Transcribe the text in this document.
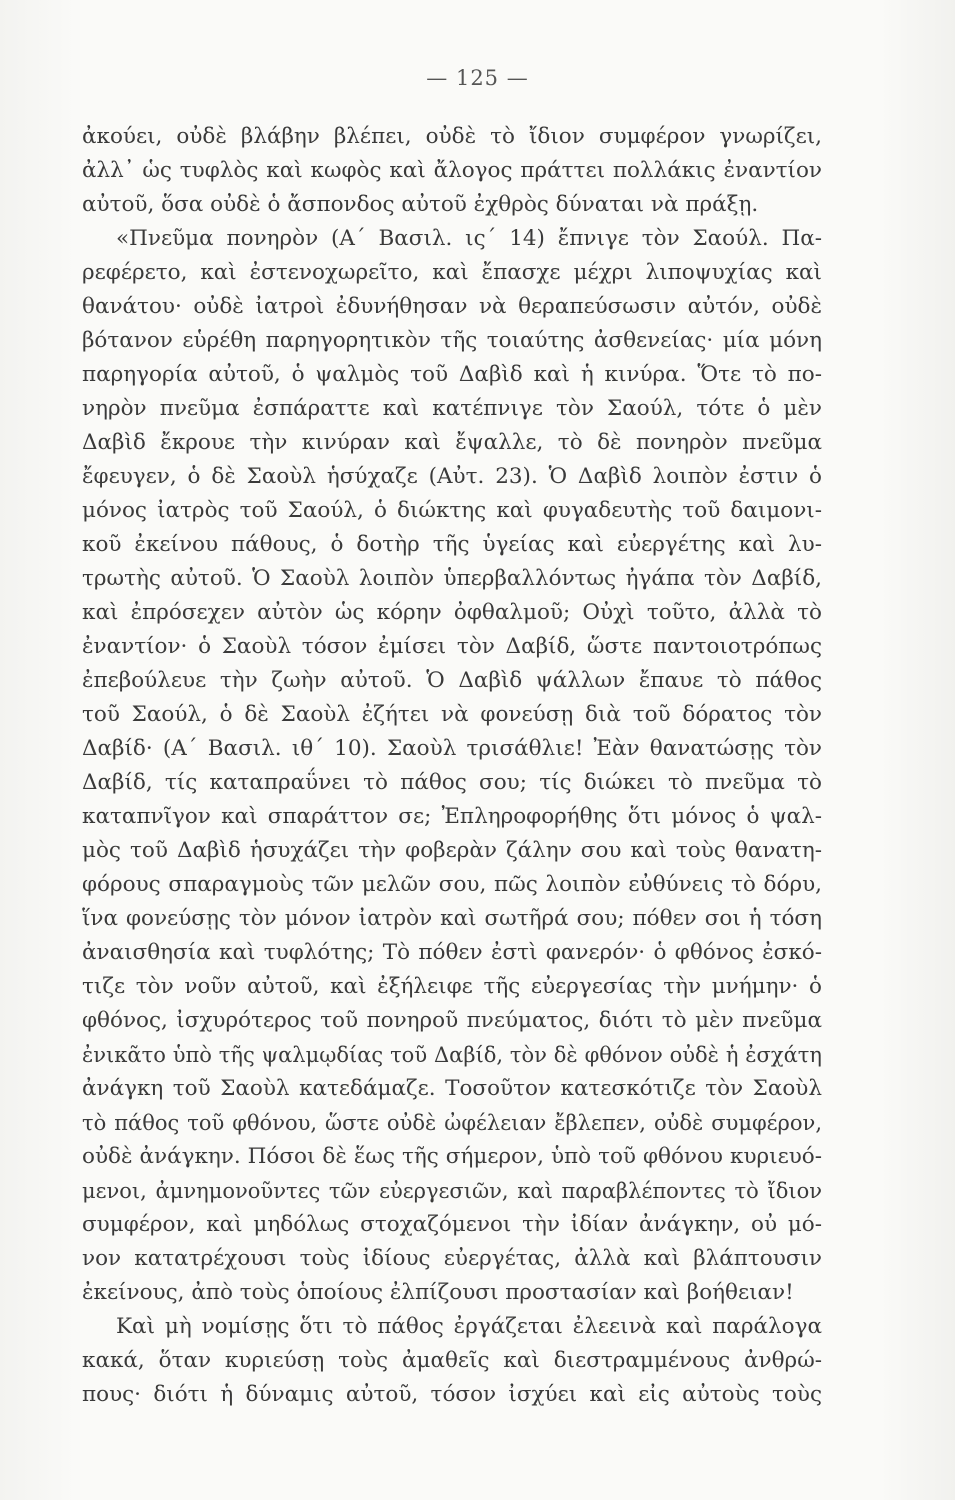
— 125 —
ἀκούει, οὐδὲ βλάβην βλέπει, οὐδὲ τὸ ἴδιον συμφέρον γνωρίζει,
ἀλλ᾽ ὡς τυφλὸς καὶ κωφὸς καὶ ἄλογος πράττει πολλάκις ἐναντίον
αὐτοῦ, ὅσα οὐδὲ ὁ ἄσπονδος αὐτοῦ ἐχθρὸς δύναται νὰ πράξῃ.
«Πνεῦμα πονηρὸν (Α΄ Βασιλ. ις΄ 14) ἔπνιγε τὸν Σαούλ. Πα-
ρεφέρετο, καὶ ἐστενοχωρεῖτο, καὶ ἔπασχε μέχρι λιποψυχίας καὶ
θανάτου· οὐδὲ ἰατροὶ ἐδυνήθησαν νὰ θεραπεύσωσιν αὐτόν, οὐδὲ
βότανον εὑρέθη παρηγορητικὸν τῆς τοιαύτης ἀσθενείας· μία μόνη
παρηγορία αὐτοῦ, ὁ ψαλμὸς τοῦ Δαβὶδ καὶ ἡ κινύρα. Ὅτε τὸ πο-
νηρὸν πνεῦμα ἐσπάραττε καὶ κατέπνιγε τὸν Σαούλ, τότε ὁ μὲν
Δαβὶδ ἔκρουε τὴν κινύραν καὶ ἔψαλλε, τὸ δὲ πονηρὸν πνεῦμα
ἔφευγεν, ὁ δὲ Σαοὺλ ἡσύχαζε (Αὐτ. 23). Ὁ Δαβὶδ λοιπὸν ἐστιν ὁ
μόνος ἰατρὸς τοῦ Σαούλ, ὁ διώκτης καὶ φυγαδευτὴς τοῦ δαιμονι-
κοῦ ἐκείνου πάθους, ὁ δοτὴρ τῆς ὑγείας καὶ εὐεργέτης καὶ λυ-
τρωτὴς αὐτοῦ. Ὁ Σαοὺλ λοιπὸν ὑπερβαλλόντως ἠγάπα τὸν Δαβίδ,
καὶ ἐπρόσεχεν αὐτὸν ὡς κόρην ὀφθαλμοῦ; Οὐχὶ τοῦτο, ἀλλὰ τὸ
ἐναντίον· ὁ Σαοὺλ τόσον ἐμίσει τὸν Δαβίδ, ὥστε παντοιοτρόπως
ἐπεβούλευε τὴν ζωὴν αὐτοῦ. Ὁ Δαβὶδ ψάλλων ἔπαυε τὸ πάθος
τοῦ Σαούλ, ὁ δὲ Σαοὺλ ἐζήτει νὰ φονεύσῃ διὰ τοῦ δόρατος τὸν
Δαβίδ· (Α΄ Βασιλ. ιθ΄ 10). Σαοὺλ τρισάθλιε! Ἐὰν θανατώσῃς τὸν
Δαβίδ, τίς καταπραΰνει τὸ πάθος σου; τίς διώκει τὸ πνεῦμα τὸ
καταπνῖγον καὶ σπαράττον σε; Ἐπληροφορήθης ὅτι μόνος ὁ ψαλ-
μὸς τοῦ Δαβὶδ ἡσυχάζει τὴν φοβερὰν ζάλην σου καὶ τοὺς θανατη-
φόρους σπαραγμοὺς τῶν μελῶν σου, πῶς λοιπὸν εὐθύνεις τὸ δόρυ,
ἵνα φονεύσῃς τὸν μόνον ἰατρὸν καὶ σωτῆρά σου; πόθεν σοι ἡ τόση
ἀναισθησία καὶ τυφλότης; Τὸ πόθεν ἐστὶ φανερόν· ὁ φθόνος ἐσκό-
τιζε τὸν νοῦν αὐτοῦ, καὶ ἐξήλειφε τῆς εὐεργεσίας τὴν μνήμην· ὁ
φθόνος, ἰσχυρότερος τοῦ πονηροῦ πνεύματος, διότι τὸ μὲν πνεῦμα
ἐνικᾶτο ὑπὸ τῆς ψαλμῳδίας τοῦ Δαβίδ, τὸν δὲ φθόνον οὐδὲ ἡ ἐσχάτη
ἀνάγκη τοῦ Σαοὺλ κατεδάμαζε. Τοσοῦτον κατεσκότιζε τὸν Σαοὺλ
τὸ πάθος τοῦ φθόνου, ὥστε οὐδὲ ὠφέλειαν ἔβλεπεν, οὐδὲ συμφέρον,
οὐδὲ ἀνάγκην. Πόσοι δὲ ἕως τῆς σήμερον, ὑπὸ τοῦ φθόνου κυριευό-
μενοι, ἀμνημονοῦντες τῶν εὐεργεσιῶν, καὶ παραβλέποντες τὸ ἴδιον
συμφέρον, καὶ μηδόλως στοχαζόμενοι τὴν ἰδίαν ἀνάγκην, οὐ μό-
νον κατατρέχουσι τοὺς ἰδίους εὐεργέτας, ἀλλὰ καὶ βλάπτουσιν
ἐκείνους, ἀπὸ τοὺς ὁποίους ἐλπίζουσι προστασίαν καὶ βοήθειαν!
Καὶ μὴ νομίσῃς ὅτι τὸ πάθος ἐργάζεται ἐλεεινὰ καὶ παράλογα
κακά, ὅταν κυριεύσῃ τοὺς ἀμαθεῖς καὶ διεστραμμένους ἀνθρώ-
πους· διότι ἡ δύναμις αὐτοῦ, τόσον ἰσχύει καὶ εἰς αὐτοὺς τοὺς
